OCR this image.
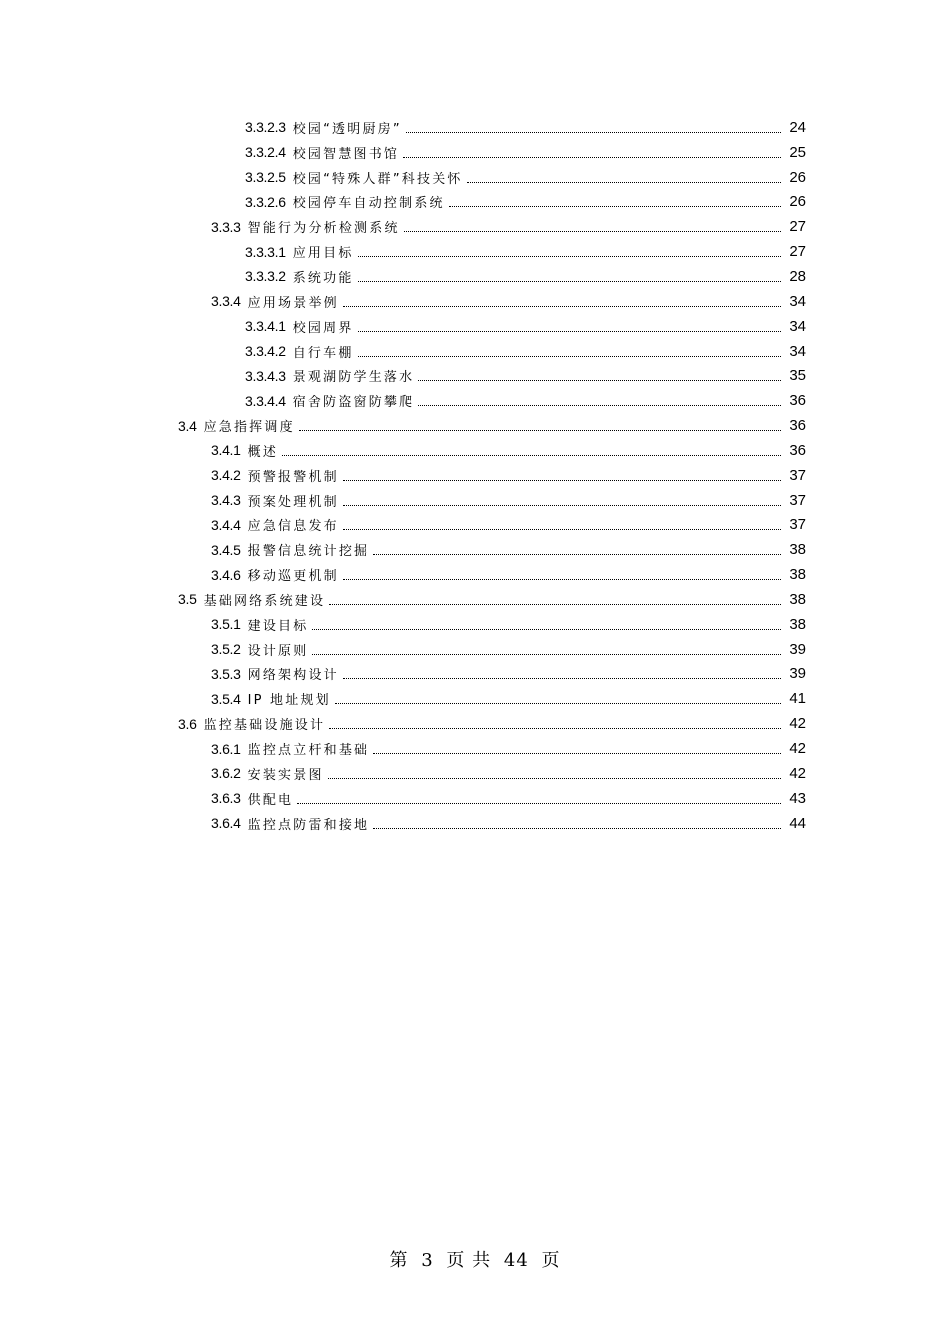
3.3.2.3 校园“透明厨房”	24
3.3.2.4 校园智慧图书馆	25
3.3.2.5 校园“特殊人群”科技关怀	26
3.3.2.6 校园停车自动控制系统	26
3.3.3 智能行为分析检测系统	27
3.3.3.1 应用目标	27
3.3.3.2 系统功能	28
3.3.4 应用场景举例	34
3.3.4.1 校园周界	34
3.3.4.2 自行车棚	34
3.3.4.3 景观湖防学生落水	35
3.3.4.4 宿舍防盗窗防攀爬	36
3.4 应急指挥调度	36
3.4.1 概述	36
3.4.2 预警报警机制	37
3.4.3 预案处理机制	37
3.4.4 应急信息发布	37
3.4.5 报警信息统计挖掘	38
3.4.6 移动巡更机制	38
3.5 基础网络系统建设	38
3.5.1 建设目标	38
3.5.2 设计原则	39
3.5.3 网络架构设计	39
3.5.4 IP 地址规划	41
3.6 监控基础设施设计	42
3.6.1 监控点立杆和基础	42
3.6.2 安装实景图	42
3.6.3 供配电	43
3.6.4 监控点防雷和接地	44
第 3 页 共 44 页
